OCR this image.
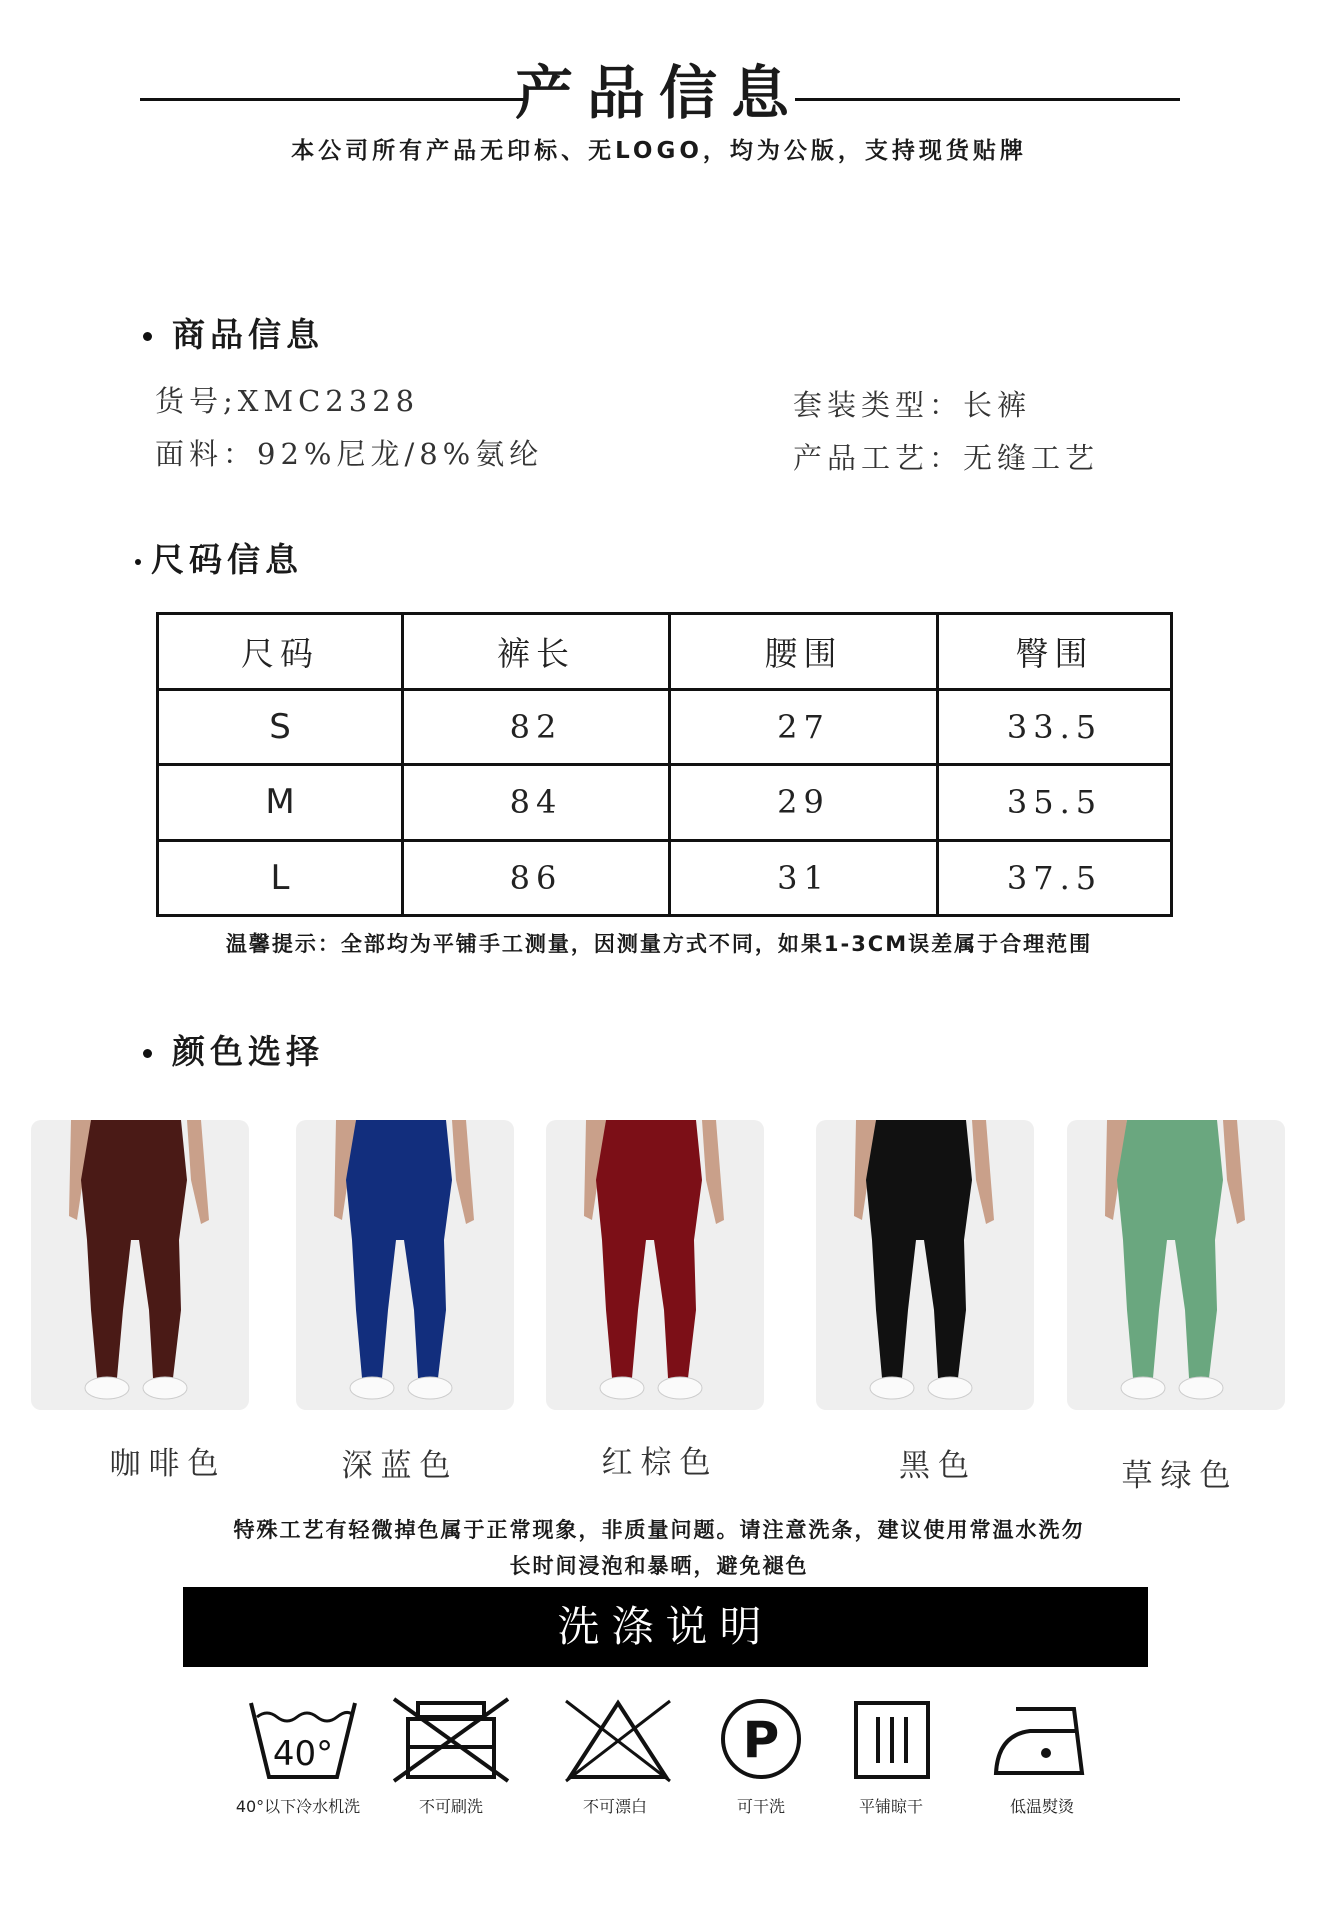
产品信息
本公司所有产品无印标、无LOGO，均为公版，支持现货贴牌
商品信息
货号;XMC2328
面料：92%尼龙/8%氨纶
套装类型：长裤
产品工艺：无缝工艺
尺码信息
尺码	裤长	腰围	臀围
S	82	27	33.5
M	84	29	35.5
L	86	31	37.5
温馨提示：全部均为平铺手工测量，因测量方式不同，如果1-3CM误差属于合理范围
颜色选择
咖啡色	深蓝色	红棕色	黑色	草绿色
特殊工艺有轻微掉色属于正常现象，非质量问题。请注意洗条，建议使用常温水洗勿
长时间浸泡和暴晒，避免褪色
洗涤说明
40°	P
40°以下冷水机洗	不可刷洗	不可漂白	可干洗	平铺晾干	低温熨烫
